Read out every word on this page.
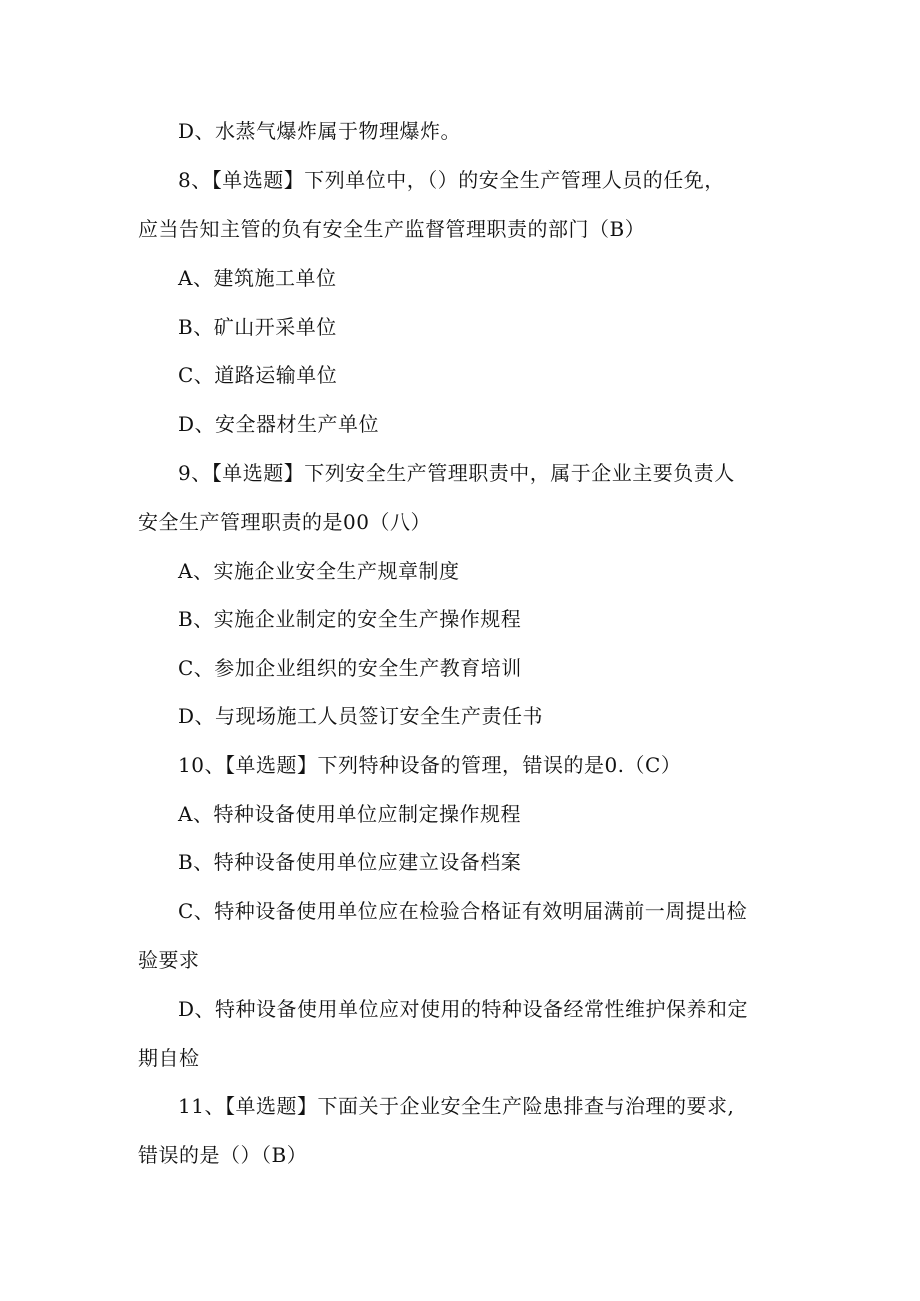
D、水蒸气爆炸属于物理爆炸。
8、【单选题】下列单位中，（）的安全生产管理人员的任免，
应当告知主管的负有安全生产监督管理职责的部门（B）
A、建筑施工单位
B、矿山开采单位
C、道路运输单位
D、安全器材生产单位
9、【单选题】下列安全生产管理职责中，属于企业主要负责人
安全生产管理职责的是00（八）
A、实施企业安全生产规章制度
B、实施企业制定的安全生产操作规程
C、参加企业组织的安全生产教育培训
D、与现场施工人员签订安全生产责任书
10、【单选题】下列特种设备的管理，错误的是0.（C）
A、特种设备使用单位应制定操作规程
B、特种设备使用单位应建立设备档案
C、特种设备使用单位应在检验合格证有效明届满前一周提出检
验要求
D、特种设备使用单位应对使用的特种设备经常性维护保养和定
期自检
11、【单选题】下面关于企业安全生产险患排查与治理的要求,
错误的是（）（B）
